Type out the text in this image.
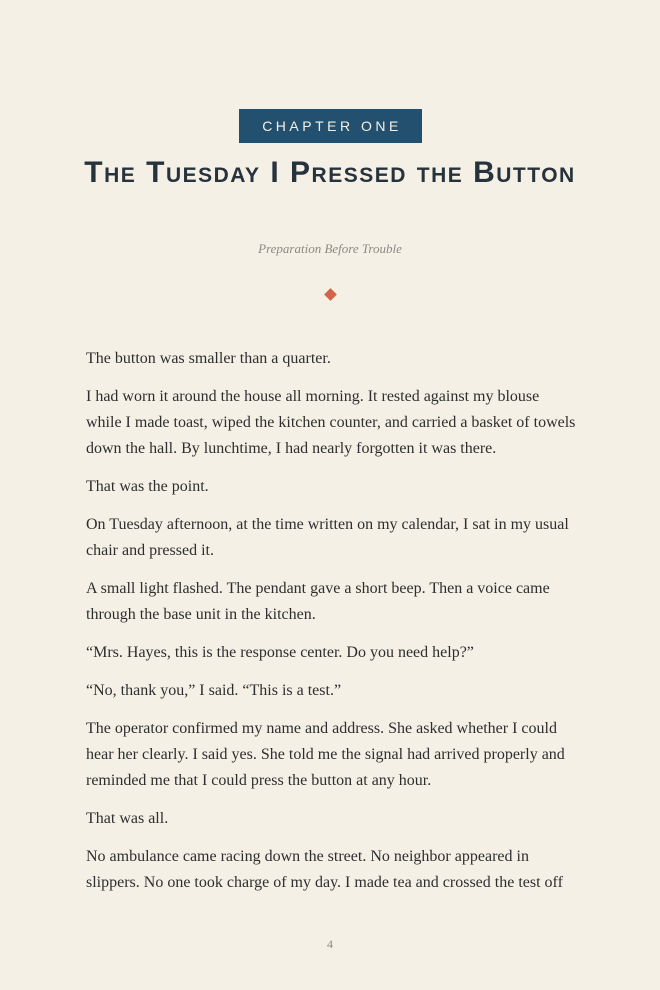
CHAPTER ONE
The Tuesday I Pressed the Button
Preparation Before Trouble

The button was smaller than a quarter.

I had worn it around the house all morning. It rested against my blouse while I made toast, wiped the kitchen counter, and carried a basket of towels down the hall. By lunchtime, I had nearly forgotten it was there.

That was the point.

On Tuesday afternoon, at the time written on my calendar, I sat in my usual chair and pressed it.

A small light flashed. The pendant gave a short beep. Then a voice came through the base unit in the kitchen.

“Mrs. Hayes, this is the response center. Do you need help?”

“No, thank you,” I said. “This is a test.”

The operator confirmed my name and address. She asked whether I could hear her clearly. I said yes. She told me the signal had arrived properly and reminded me that I could press the button at any hour.

That was all.

No ambulance came racing down the street. No neighbor appeared in slippers. No one took charge of my day. I made tea and crossed the test off

4
